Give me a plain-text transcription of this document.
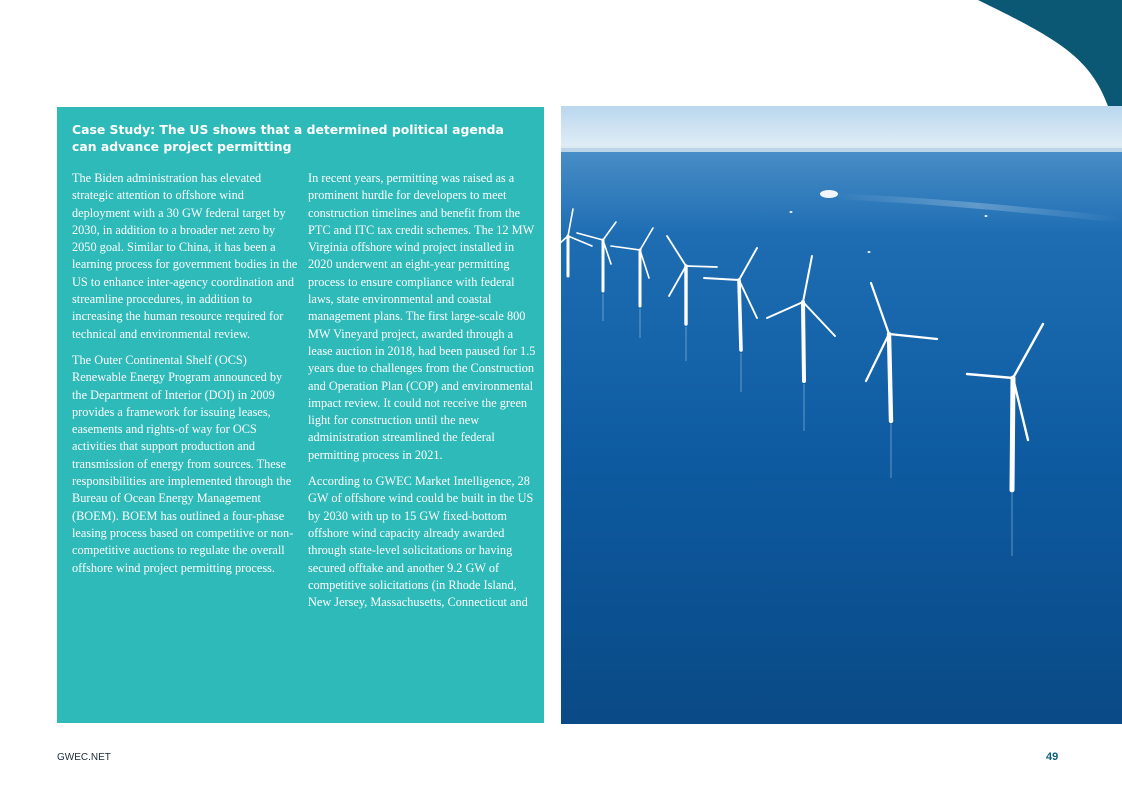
Case Study: The US shows that a determined political agenda can advance project permitting

The Biden administration has elevated strategic attention to offshore wind deployment with a 30 GW federal target by 2030, in addition to a broader net zero by 2050 goal. Similar to China, it has been a learning process for government bodies in the US to enhance inter-agency coordination and streamline procedures, in addition to increasing the human resource required for technical and environmental review.

The Outer Continental Shelf (OCS) Renewable Energy Program announced by the Department of Interior (DOI) in 2009 provides a framework for issuing leases, easements and rights-of way for OCS activities that support production and transmission of energy from sources. These responsibilities are implemented through the Bureau of Ocean Energy Management (BOEM). BOEM has outlined a four-phase leasing process based on competitive or non-competitive auctions to regulate the overall offshore wind project permitting process.

In recent years, permitting was raised as a prominent hurdle for developers to meet construction timelines and benefit from the PTC and ITC tax credit schemes. The 12 MW Virginia offshore wind project installed in 2020 underwent an eight-year permitting process to ensure compliance with federal laws, state environmental and coastal management plans. The first large-scale 800 MW Vineyard project, awarded through a lease auction in 2018, had been paused for 1.5 years due to challenges from the Construction and Operation Plan (COP) and environmental impact review. It could not receive the green light for construction until the new administration streamlined the federal permitting process in 2021.

According to GWEC Market Intelligence, 28 GW of offshore wind could be built in the US by 2030 with up to 15 GW fixed-bottom offshore wind capacity already awarded through state-level solicitations or having secured offtake and another 9.2 GW of competitive solicitations (in Rhode Island, New Jersey, Massachusetts, Connecticut and

GWEC.NET	49
